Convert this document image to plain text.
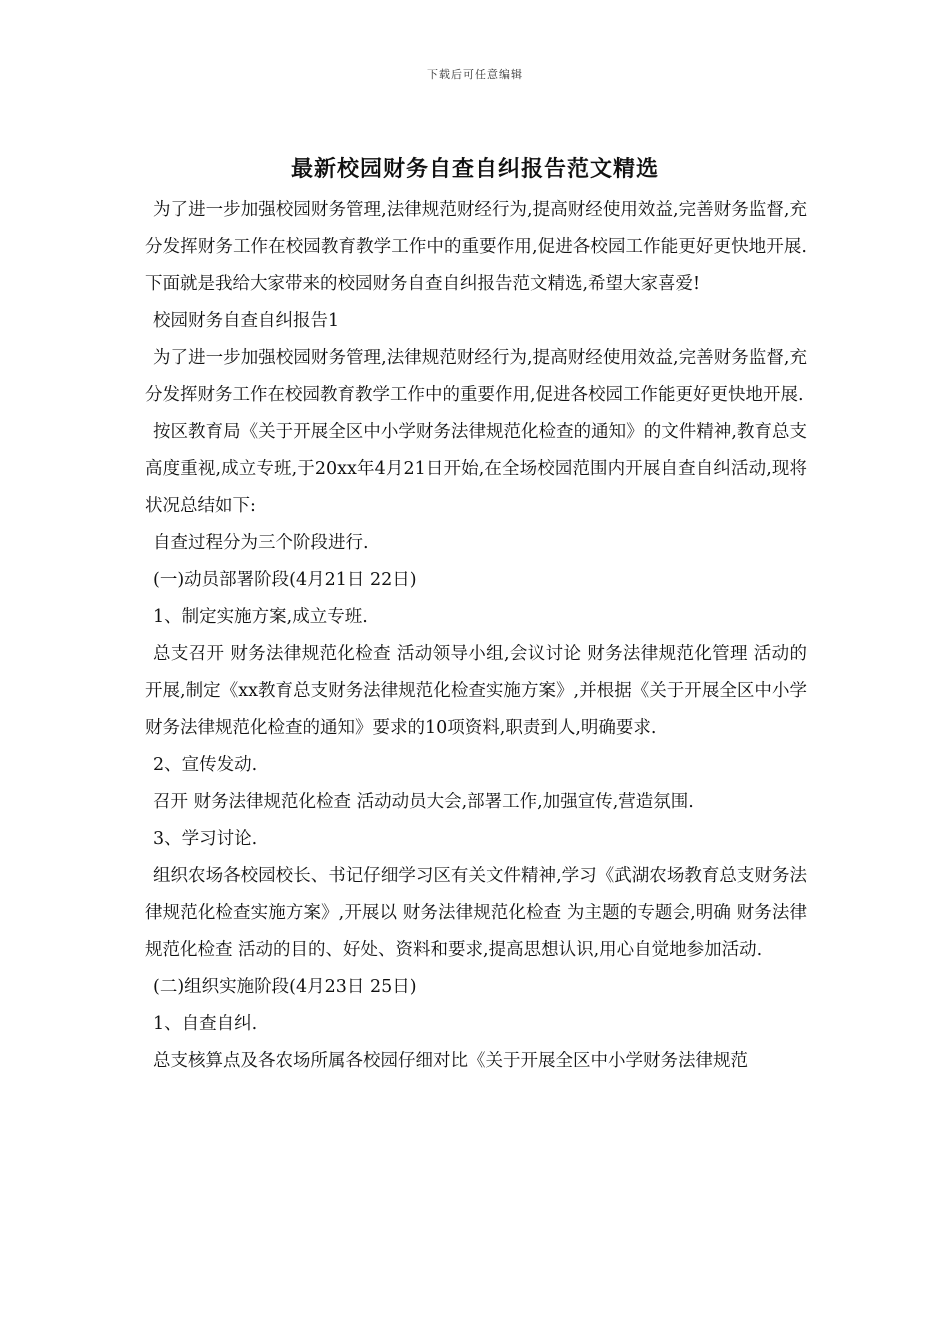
下载后可任意编辑
最新校园财务自查自纠报告范文精选

为了进一步加强校园财务管理,法律规范财经行为,提高财经使用效益,完善财务监督,充分发挥财务工作在校园教育教学工作中的重要作用,促进各校园工作能更好更快地开展.下面就是我给大家带来的校园财务自查自纠报告范文精选,希望大家喜爱!

校园财务自查自纠报告1

为了进一步加强校园财务管理,法律规范财经行为,提高财经使用效益,完善财务监督,充分发挥财务工作在校园教育教学工作中的重要作用,促进各校园工作能更好更快地开展.

按区教育局《关于开展全区中小学财务法律规范化检查的通知》的文件精神,教育总支高度重视,成立专班,于20xx年4月21日开始,在全场校园范围内开展自查自纠活动,现将状况总结如下:

自查过程分为三个阶段进行.

(一)动员部署阶段(4月21日 22日)

1、制定实施方案,成立专班.

总支召开 财务法律规范化检查 活动领导小组,会议讨论 财务法律规范化管理 活动的开展,制定《xx教育总支财务法律规范化检查实施方案》,并根据《关于开展全区中小学财务法律规范化检查的通知》要求的10项资料,职责到人,明确要求.

2、宣传发动.

召开 财务法律规范化检查 活动动员大会,部署工作,加强宣传,营造氛围.

3、学习讨论.

组织农场各校园校长、书记仔细学习区有关文件精神,学习《武湖农场教育总支财务法律规范化检查实施方案》,开展以 财务法律规范化检查 为主题的专题会,明确 财务法律规范化检查 活动的目的、好处、资料和要求,提高思想认识,用心自觉地参加活动.

(二)组织实施阶段(4月23日 25日)

1、自查自纠.

总支核算点及各农场所属各校园仔细对比《关于开展全区中小学财务法律规范
